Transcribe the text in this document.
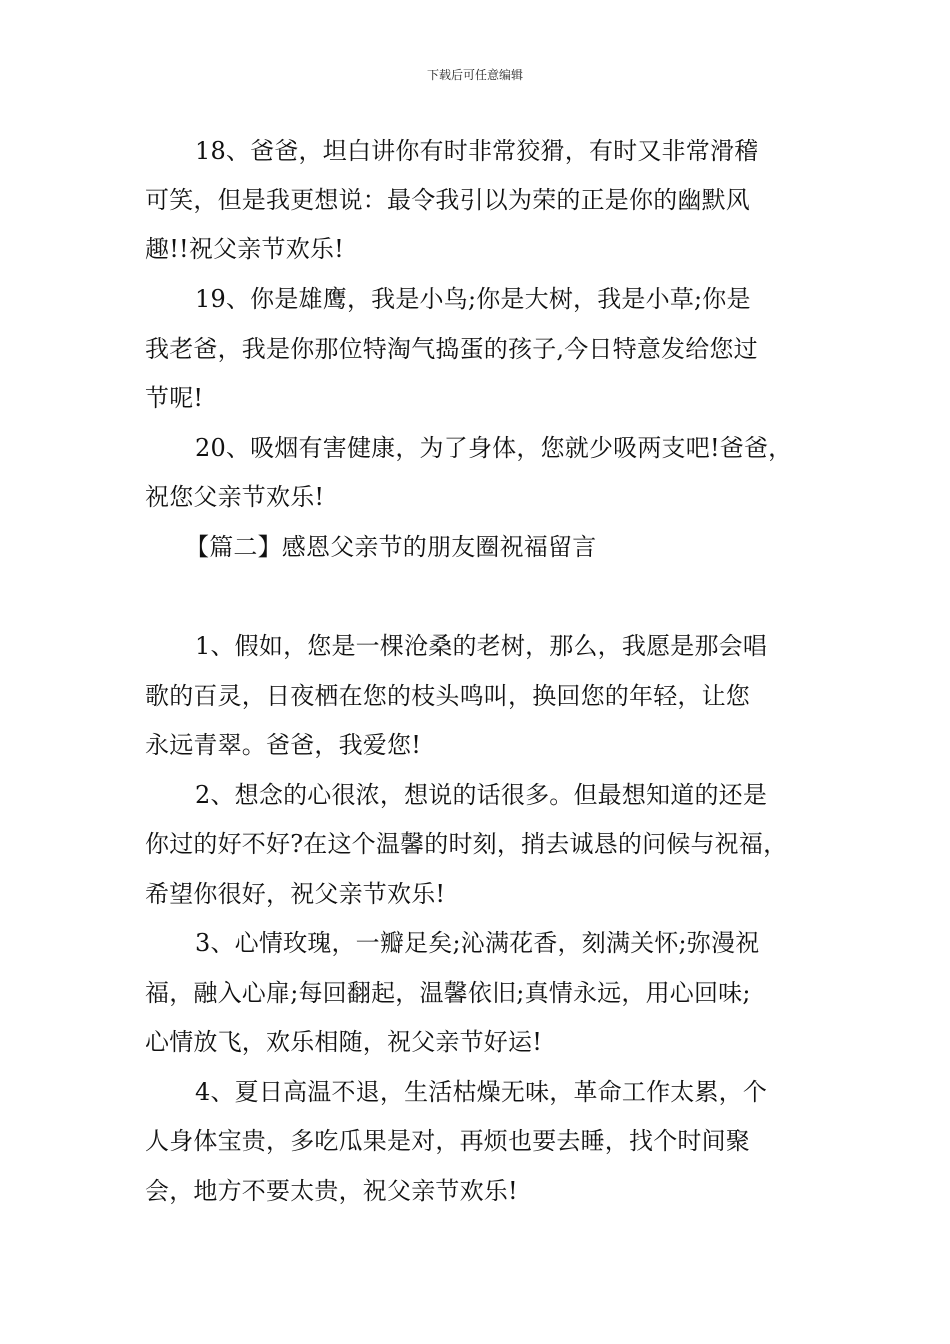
下载后可任意编辑
18、爸爸，坦白讲你有时非常狡猾，有时又非常滑稽
可笑，但是我更想说：最令我引以为荣的正是你的幽默风
趣!!祝父亲节欢乐!
19、你是雄鹰，我是小鸟;你是大树，我是小草;你是
我老爸，我是你那位特淘气捣蛋的孩子,今日特意发给您过
节呢!
20、吸烟有害健康，为了身体，您就少吸两支吧!爸爸，
祝您父亲节欢乐!
【篇二】感恩父亲节的朋友圈祝福留言
1、假如，您是一棵沧桑的老树，那么，我愿是那会唱
歌的百灵，日夜栖在您的枝头鸣叫，换回您的年轻，让您
永远青翠。爸爸，我爱您!
2、想念的心很浓，想说的话很多。但最想知道的还是
你过的好不好?在这个温馨的时刻，捎去诚恳的问候与祝福，
希望你很好，祝父亲节欢乐!
3、心情玫瑰，一瓣足矣;沁满花香，刻满关怀;弥漫祝
福，融入心扉;每回翻起，温馨依旧;真情永远，用心回味;
心情放飞，欢乐相随，祝父亲节好运!
4、夏日高温不退，生活枯燥无味，革命工作太累，个
人身体宝贵，多吃瓜果是对，再烦也要去睡，找个时间聚
会，地方不要太贵，祝父亲节欢乐!
